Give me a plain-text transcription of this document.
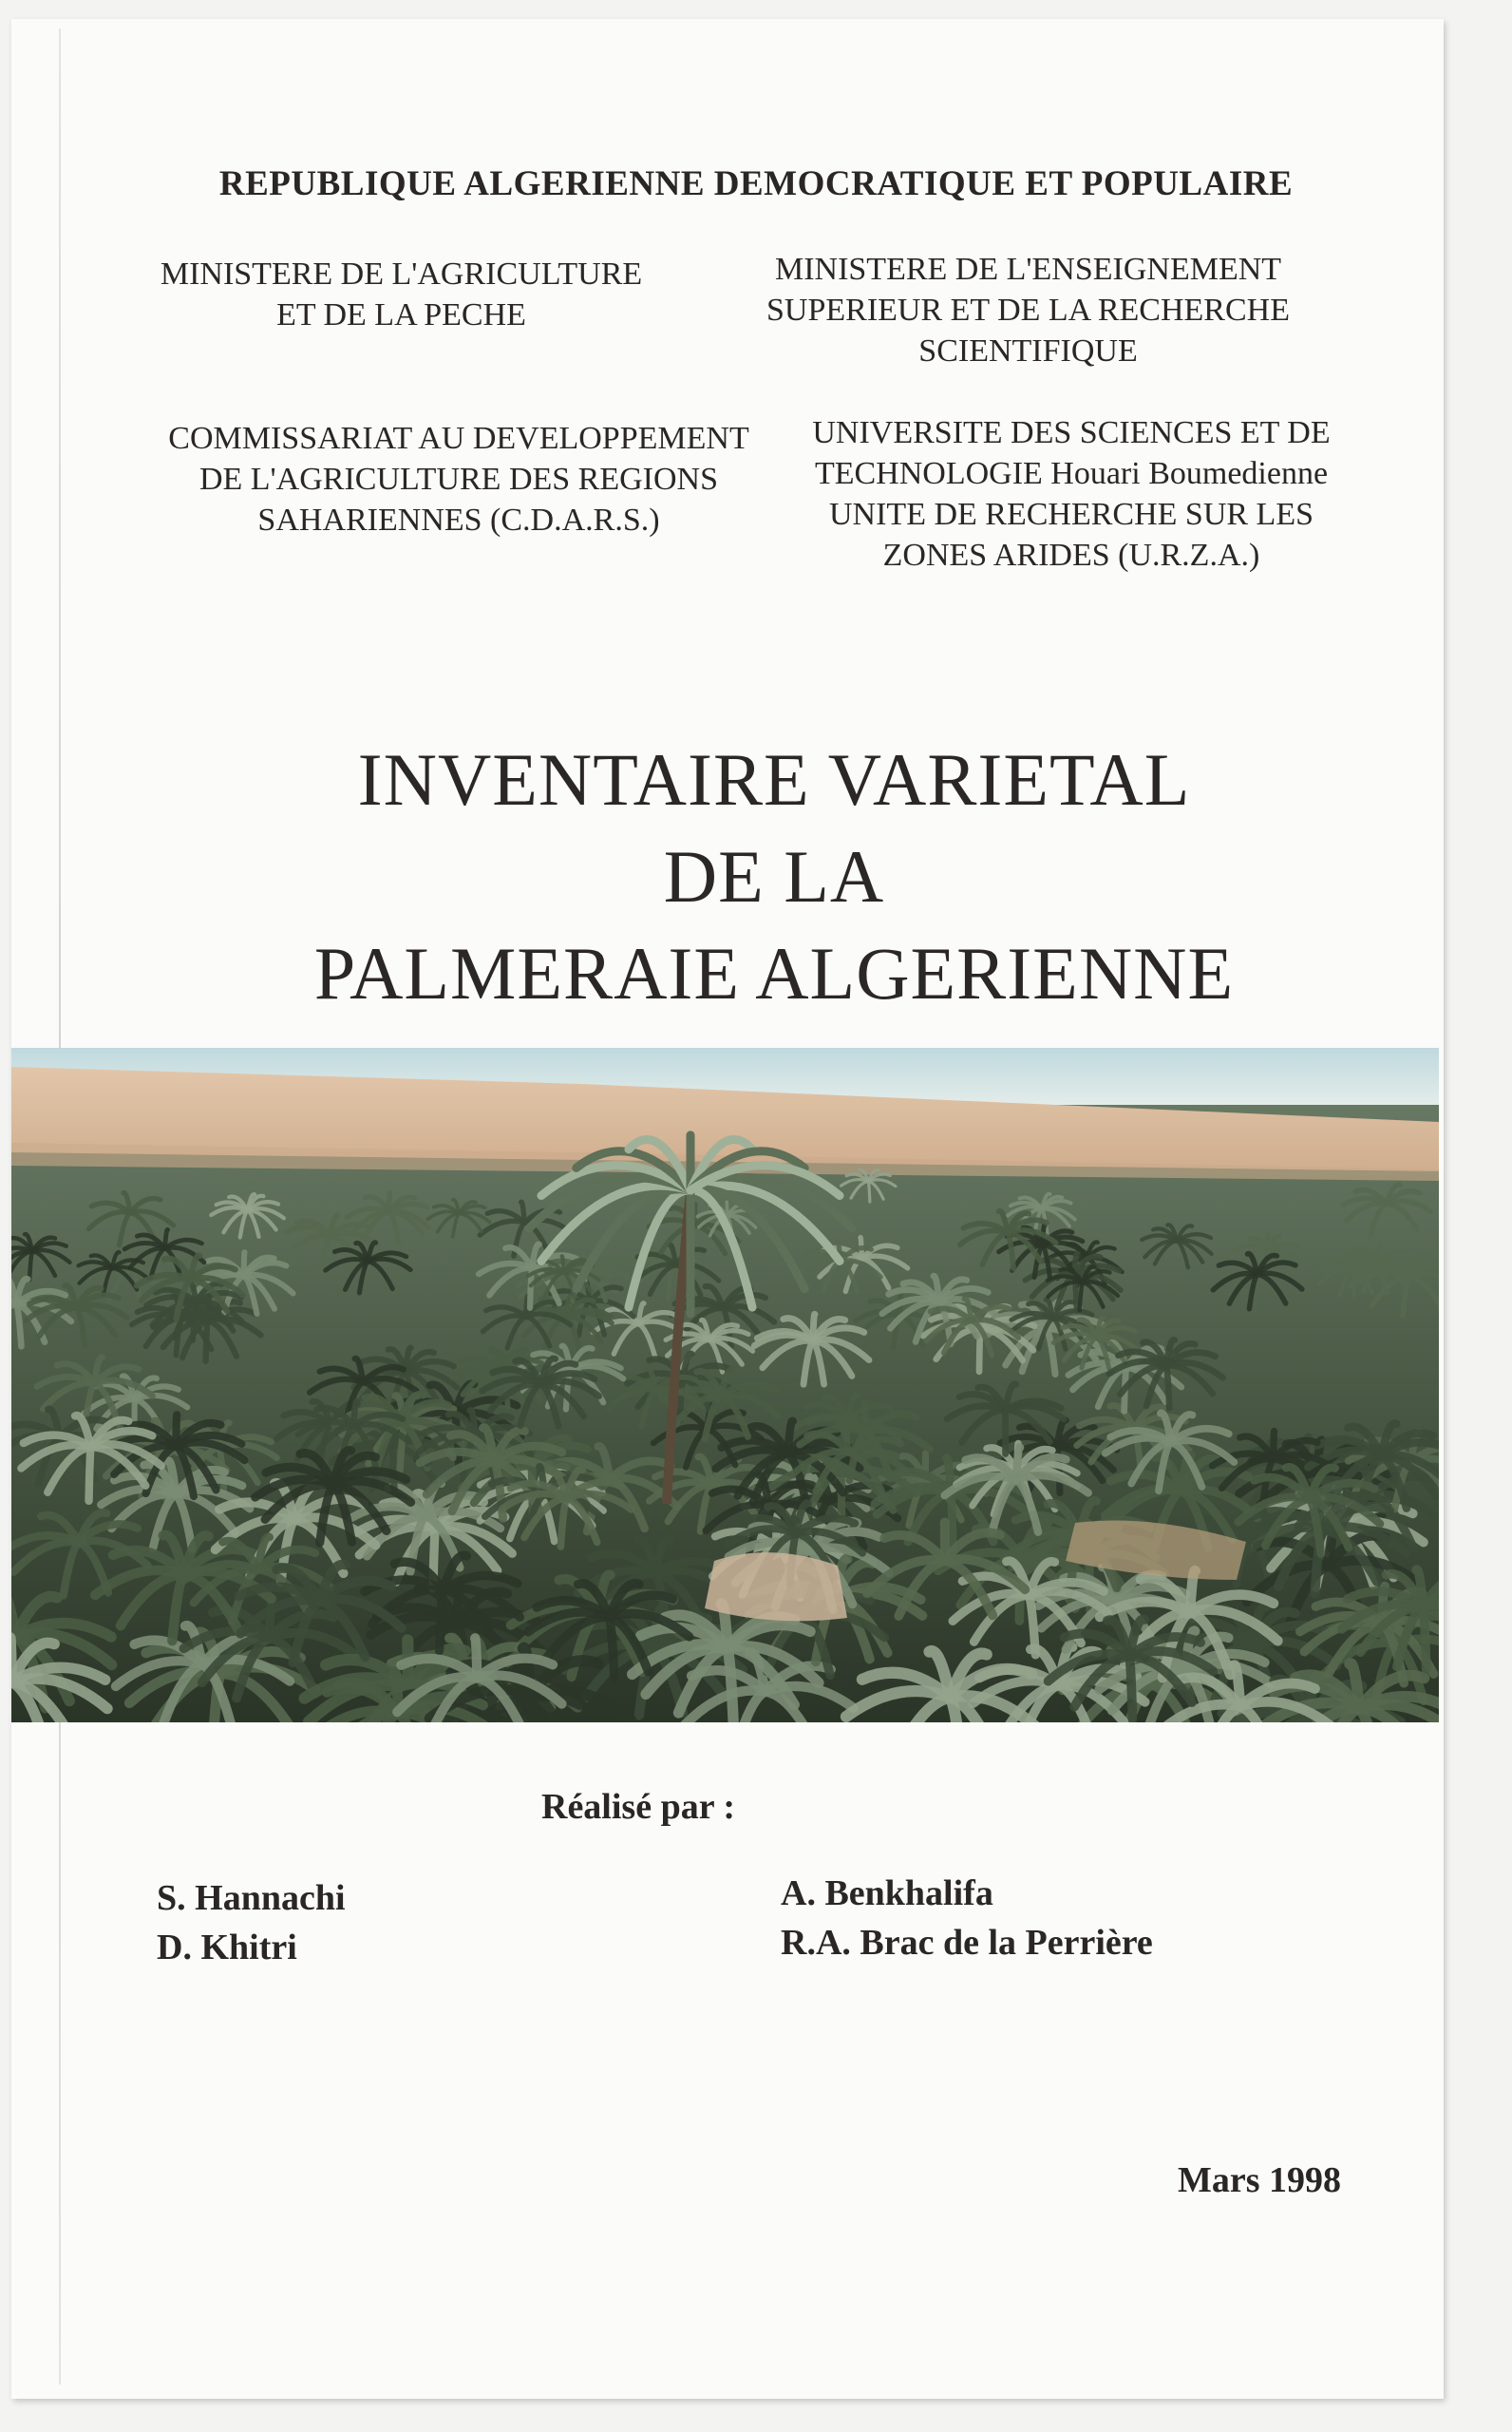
REPUBLIQUE ALGERIENNE DEMOCRATIQUE ET POPULAIRE
MINISTERE DE L'AGRICULTURE
ET DE LA PECHE
MINISTERE DE L'ENSEIGNEMENT
SUPERIEUR ET DE LA RECHERCHE
SCIENTIFIQUE
COMMISSARIAT AU DEVELOPPEMENT
DE L'AGRICULTURE DES REGIONS
SAHARIENNES (C.D.A.R.S.)
UNIVERSITE DES SCIENCES ET DE
TECHNOLOGIE Houari Boumedienne
UNITE DE RECHERCHE SUR LES
ZONES ARIDES (U.R.Z.A.)
INVENTAIRE VARIETAL
DE LA
PALMERAIE ALGERIENNE
Réalisé par :
S. Hannachi
D. Khitri
A. Benkhalifa
R.A. Brac de la Perrière
Mars 1998
